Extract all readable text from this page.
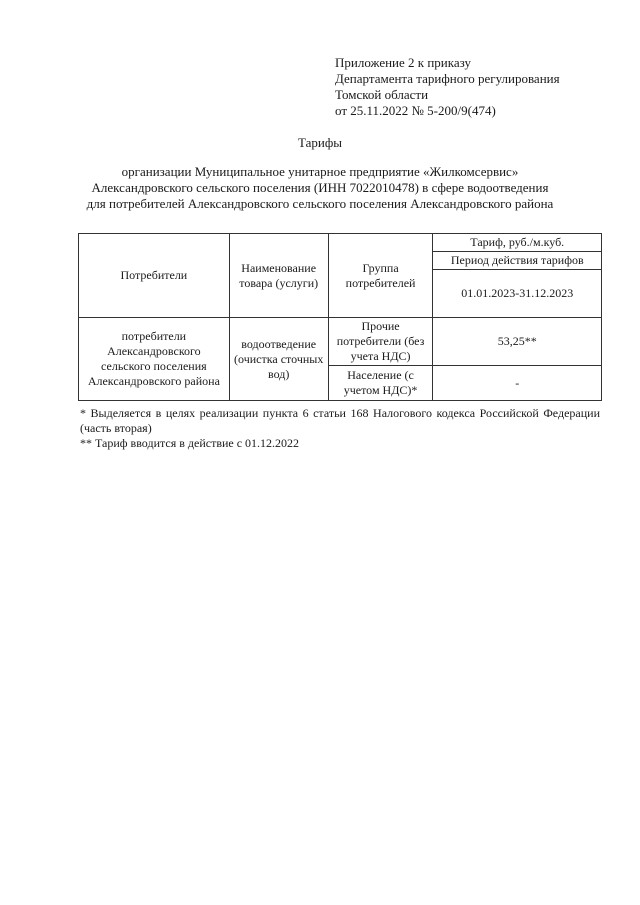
Приложение 2 к приказу
Департамента тарифного регулирования
Томской области
от 25.11.2022 № 5-200/9(474)
Тарифы
организации Муниципальное унитарное предприятие «Жилкомсервис»
Александровского сельского поселения (ИНН 7022010478) в сфере водоотведения
для потребителей Александровского сельского поселения Александровского района
Потребители	Наименование товара (услуги)	Группа потребителей	Тариф, руб./м.куб.
			Период действия тарифов
			01.01.2023-31.12.2023
потребители Александровского сельского поселения Александровского района	водоотведение (очистка сточных вод)	Прочие потребители (без учета НДС)	53,25**
		Население (с учетом НДС)*	-
* Выделяется в целях реализации пункта 6 статьи 168 Налогового кодекса Российской Федерации (часть вторая)
** Тариф вводится в действие с 01.12.2022
